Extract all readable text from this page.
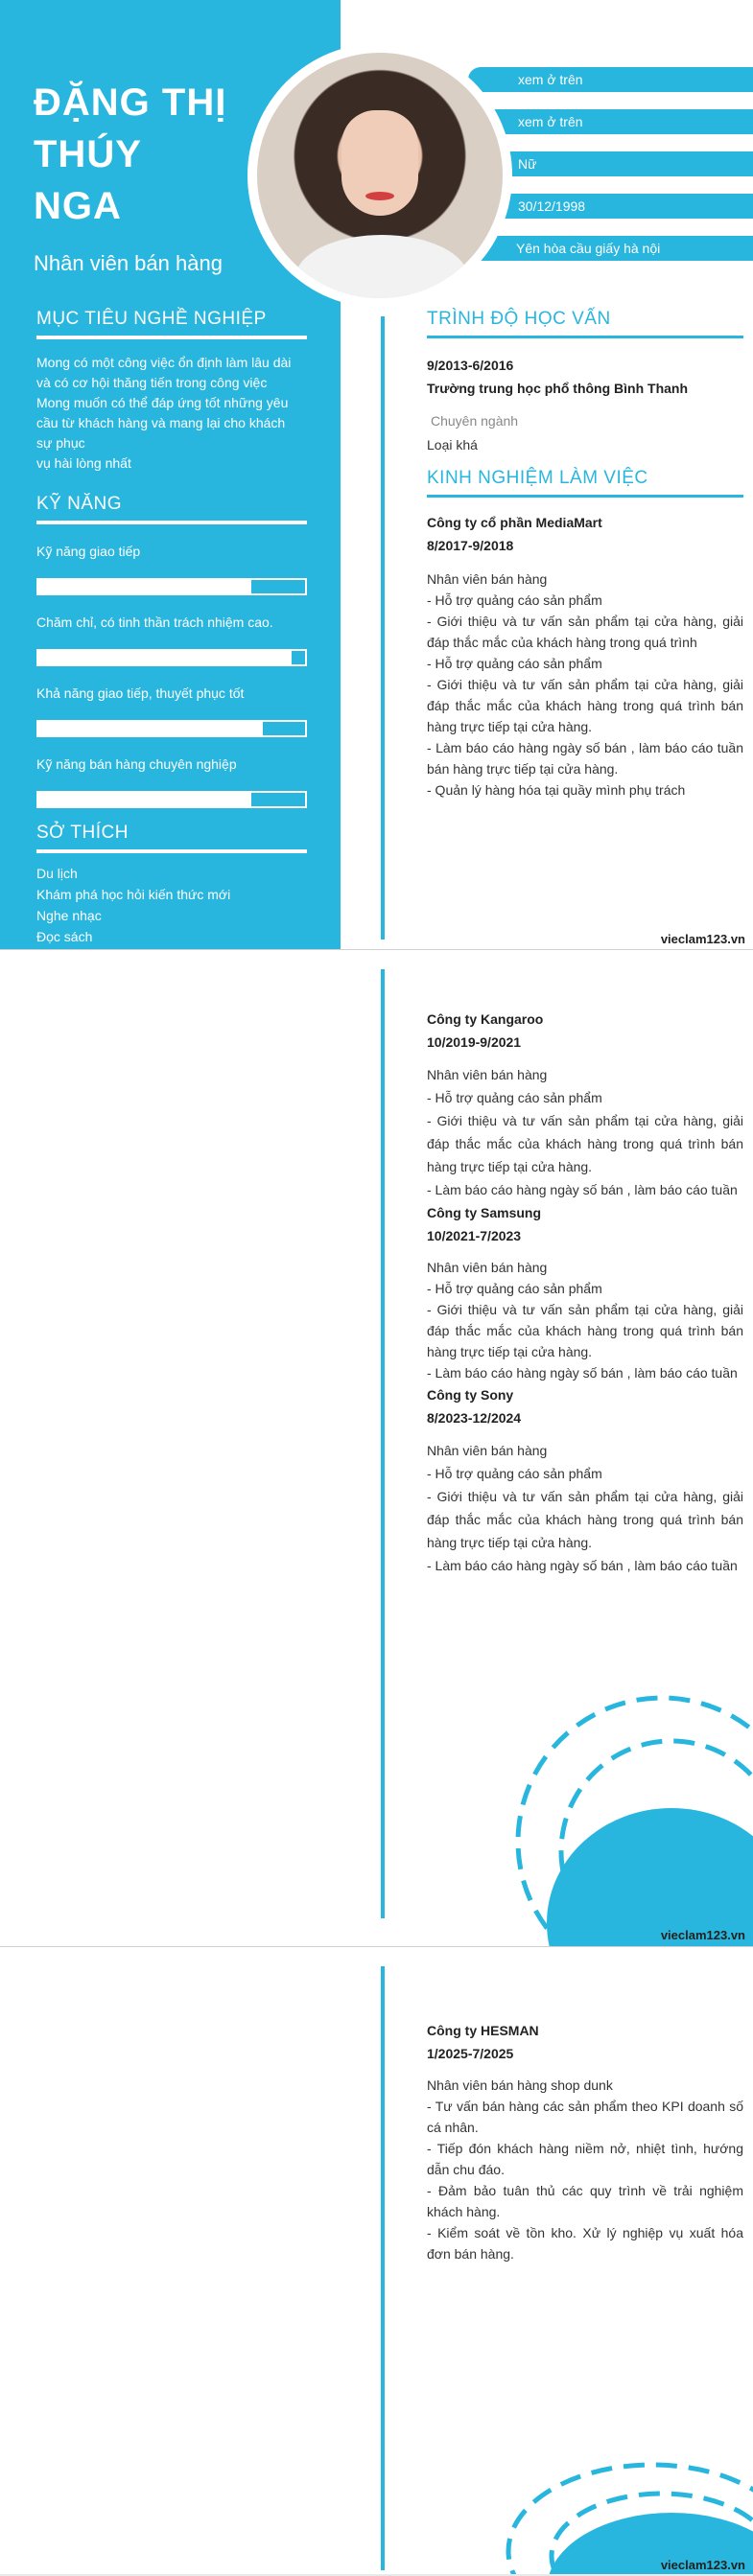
ĐẶNG THỊ
THÚY
NGA
Nhân viên bán hàng
MỤC TIÊU NGHỀ NGHIỆP
Mong có một công việc ổn định làm lâu dài
và có cơ hội thăng tiến trong công việc
Mong muốn có thể đáp ứng tốt những yêu
cầu từ khách hàng và mang lại cho khách
sự phục
vụ hài lòng nhất
KỸ NĂNG
Kỹ năng giao tiếp
Chăm chỉ, có tinh thần trách nhiệm cao.
Khả năng giao tiếp, thuyết phục tốt
Kỹ năng bán hàng chuyên nghiệp
SỞ THÍCH
Du lịch
Khám phá học hỏi kiến thức mới
Nghe nhạc
Đọc sách
xem ở trên
xem ở trên
Nữ
30/12/1998
Yên hòa cầu giấy hà nội
TRÌNH ĐỘ HỌC VẤN
9/2013-6/2016
Trường trung học phổ thông Bình Thanh
Chuyên ngành
Loại khá
KINH NGHIỆM LÀM VIỆC
Công ty cổ phần MediaMart
8/2017-9/2018
Nhân viên bán hàng
- Hỗ trợ quảng cáo sản phẩm
- Giới thiệu và tư vấn sản phẩm tại cửa hàng, giải đáp thắc mắc của khách hàng trong quá trình
- Hỗ trợ quảng cáo sản phẩm
- Giới thiệu và tư vấn sản phẩm tại cửa hàng, giải đáp thắc mắc của khách hàng trong quá trình bán hàng trực tiếp tại cửa hàng.
- Làm báo cáo hàng ngày số bán , làm báo cáo tuần bán hàng trực tiếp tại cửa hàng.
- Quản lý hàng hóa tại quầy mình phụ trách
vieclam123.vn
Công ty Kangaroo
10/2019-9/2021
Nhân viên bán hàng
- Hỗ trợ quảng cáo sản phẩm
- Giới thiệu và tư vấn sản phẩm tại cửa hàng, giải đáp thắc mắc của khách hàng trong quá trình bán hàng trực tiếp tại cửa hàng.
- Làm báo cáo hàng ngày số bán , làm báo cáo tuần
Công ty Samsung
10/2021-7/2023
Nhân viên bán hàng
- Hỗ trợ quảng cáo sản phẩm
- Giới thiệu và tư vấn sản phẩm tại cửa hàng, giải đáp thắc mắc của khách hàng trong quá trình bán hàng trực tiếp tại cửa hàng.
- Làm báo cáo hàng ngày số bán , làm báo cáo tuần
Công ty Sony
8/2023-12/2024
Nhân viên bán hàng
- Hỗ trợ quảng cáo sản phẩm
- Giới thiệu và tư vấn sản phẩm tại cửa hàng, giải đáp thắc mắc của khách hàng trong quá trình bán hàng trực tiếp tại cửa hàng.
- Làm báo cáo hàng ngày số bán , làm báo cáo tuần
vieclam123.vn
Công ty HESMAN
1/2025-7/2025
Nhân viên bán hàng shop dunk
- Tư vấn bán hàng các sản phẩm theo KPI doanh số cá nhân.
- Tiếp đón khách hàng niềm nở, nhiệt tình, hướng dẫn chu đáo.
- Đảm bảo tuân thủ các quy trình về trải nghiệm khách hàng.
- Kiểm soát về tồn kho. Xử lý nghiệp vụ xuất hóa đơn bán hàng.
vieclam123.vn
